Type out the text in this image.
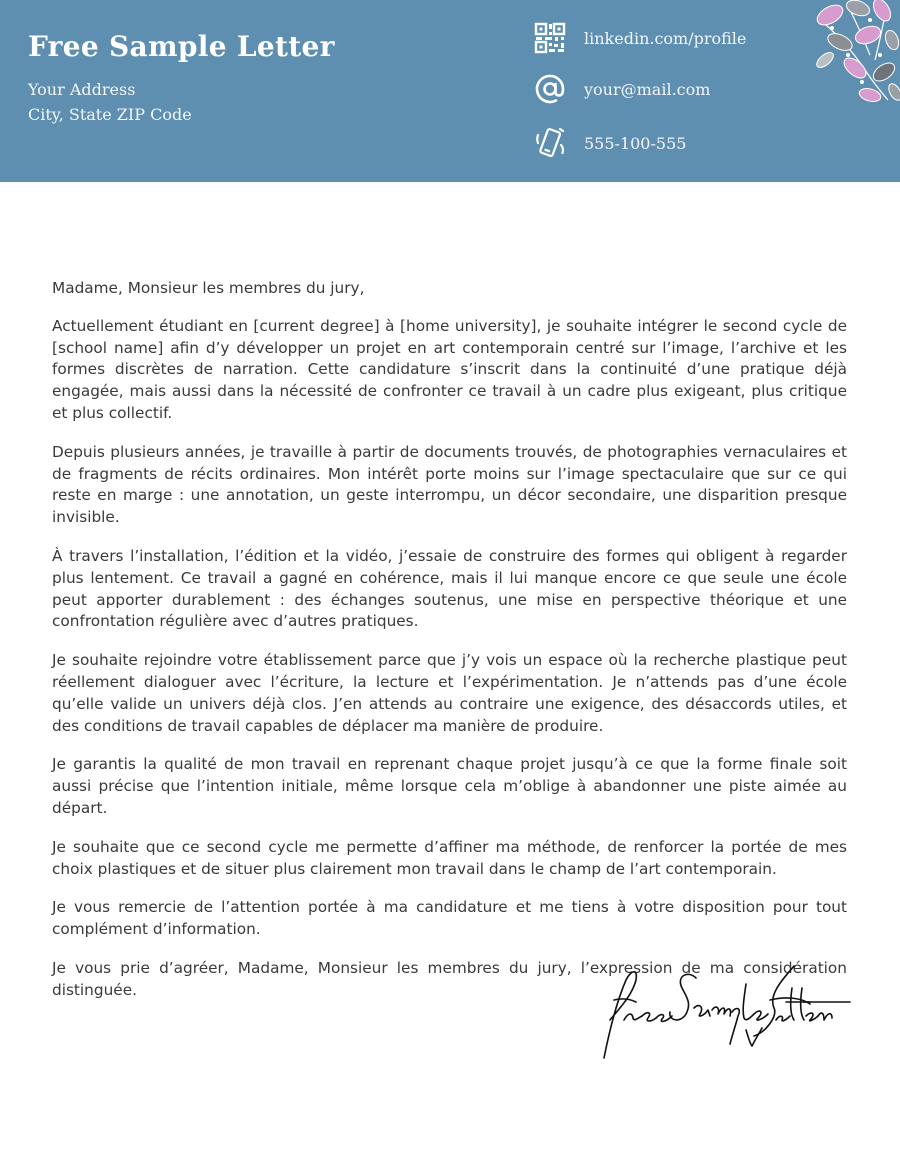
Free Sample Letter
Your Address
City, State ZIP Code
linkedin.com/profile
your@mail.com
555-100-555

Madame, Monsieur les membres du jury,

Actuellement étudiant en [current degree] à [home university], je souhaite intégrer le second cycle de [school name] afin d’y développer un projet en art contemporain centré sur l’image, l’archive et les formes discrètes de narration. Cette candidature s’inscrit dans la continuité d’une pratique déjà engagée, mais aussi dans la nécessité de confronter ce travail à un cadre plus exigeant, plus critique et plus collectif.

Depuis plusieurs années, je travaille à partir de documents trouvés, de photographies vernaculaires et de fragments de récits ordinaires. Mon intérêt porte moins sur l’image spectaculaire que sur ce qui reste en marge : une annotation, un geste interrompu, un décor secondaire, une disparition presque invisible.

À travers l’installation, l’édition et la vidéo, j’essaie de construire des formes qui obligent à regarder plus lentement. Ce travail a gagné en cohérence, mais il lui manque encore ce que seule une école peut apporter durablement : des échanges soutenus, une mise en perspective théorique et une confrontation régulière avec d’autres pratiques.

Je souhaite rejoindre votre établissement parce que j’y vois un espace où la recherche plastique peut réellement dialoguer avec l’écriture, la lecture et l’expérimentation. Je n’attends pas d’une école qu’elle valide un univers déjà clos. J’en attends au contraire une exigence, des désaccords utiles, et des conditions de travail capables de déplacer ma manière de produire.

Je garantis la qualité de mon travail en reprenant chaque projet jusqu’à ce que la forme finale soit aussi précise que l’intention initiale, même lorsque cela m’oblige à abandonner une piste aimée au départ.

Je souhaite que ce second cycle me permette d’affiner ma méthode, de renforcer la portée de mes choix plastiques et de situer plus clairement mon travail dans le champ de l’art contemporain.

Je vous remercie de l’attention portée à ma candidature et me tiens à votre disposition pour tout complément d’information.

Je vous prie d’agréer, Madame, Monsieur les membres du jury, l’expression de ma considération distinguée.
